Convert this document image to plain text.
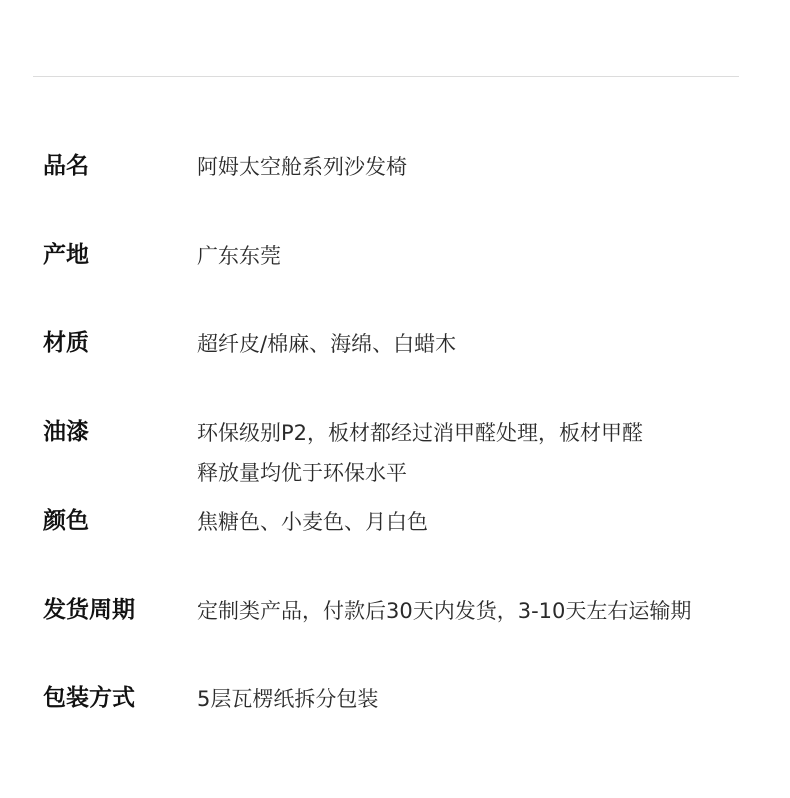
品名	阿姆太空舱系列沙发椅
产地	广东东莞
材质	超纤皮/棉麻、海绵、白蜡木
油漆	环保级别P2，板材都经过消甲醛处理，板材甲醛
释放量均优于环保水平
颜色	焦糖色、小麦色、月白色
发货周期	定制类产品，付款后30天内发货，3-10天左右运输期
包装方式	5层瓦楞纸拆分包装
